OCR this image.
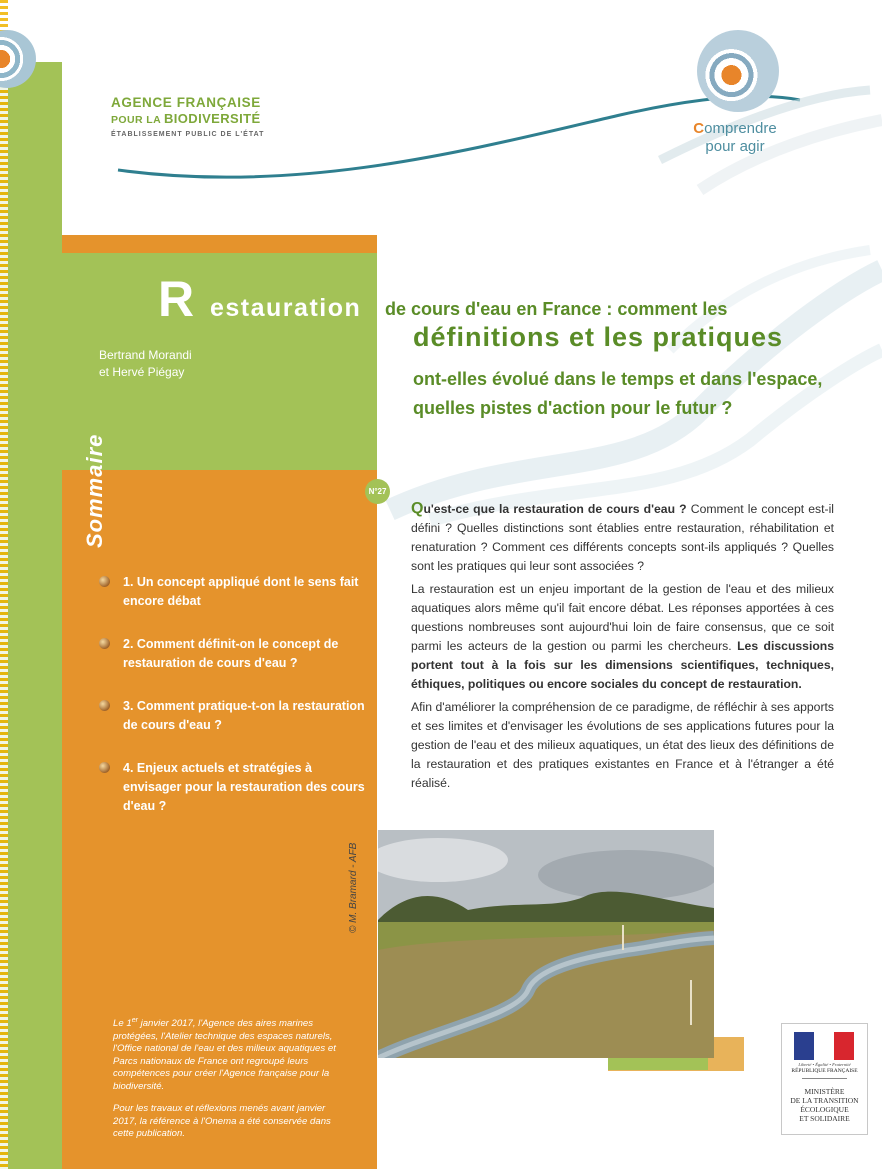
AGENCE FRANÇAISE
POUR LA BIODIVERSITÉ
ÉTABLISSEMENT PUBLIC DE L'ÉTAT	Comprendre
pour agir
R estauration
Bertrand Morandi
et Hervé Piégay
de cours d'eau en France : comment les
définitions et les pratiques
ont-elles évolué dans le temps et dans l'espace, quelles pistes d'action pour le futur ?
N°27
Sommaire
1. Un concept appliqué dont le sens fait encore débat
2. Comment définit-on le concept de restauration de cours d'eau ?
3. Comment pratique-t-on la restauration de cours d'eau ?
4. Enjeux actuels et stratégies à envisager pour la restauration des cours d'eau ?

Le 1er janvier 2017, l'Agence des aires marines protégées, l'Atelier technique des espaces naturels, l'Office national de l'eau et des milieux aquatiques et Parcs nationaux de France ont regroupé leurs compétences pour créer l'Agence française pour la biodiversité.

Pour les travaux et réflexions menés avant janvier 2017, la référence à l'Onema a été conservée dans cette publication.

Qu'est-ce que la restauration de cours d'eau ? Comment le concept est-il défini ? Quelles distinctions sont établies entre restauration, réhabilitation et renaturation ? Comment ces différents concepts sont-ils appliqués ? Quelles sont les pratiques qui leur sont associées ?

La restauration est un enjeu important de la gestion de l'eau et des milieux aquatiques alors même qu'il fait encore débat. Les réponses apportées à ces questions nombreuses sont aujourd'hui loin de faire consensus, que ce soit parmi les acteurs de la gestion ou parmi les chercheurs. Les discussions portent tout à la fois sur les dimensions scientifiques, techniques, éthiques, politiques ou encore sociales du concept de restauration.

Afin d'améliorer la compréhension de ce paradigme, de réfléchir à ses apports et ses limites et d'envisager les évolutions de ses applications futures pour la gestion de l'eau et des milieux aquatiques, un état des lieux des définitions de la restauration et des pratiques existantes en France et à l'étranger a été réalisé.

© M. Bramard - AFB
Liberté • Égalité • Fraternité
RÉPUBLIQUE FRANÇAISE
MINISTÈRE
DE LA TRANSITION
ÉCOLOGIQUE
ET SOLIDAIRE
